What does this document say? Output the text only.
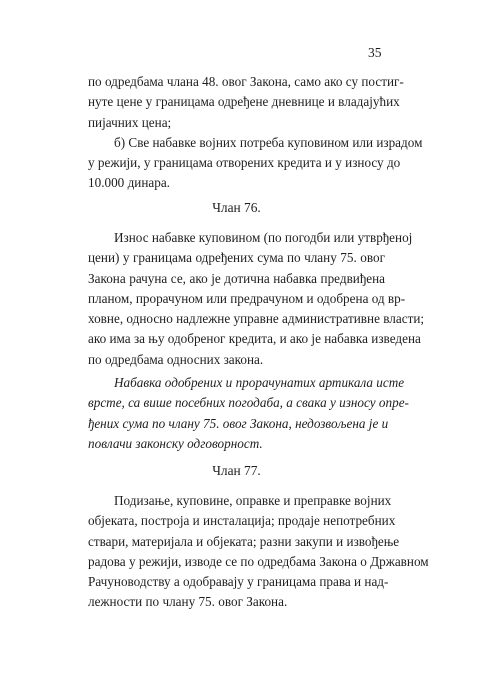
35
по одредбама члана 48. овог Закона, само ако су постиг-
нуте цене у границама одређене дневнице и владајућих
пијачних цена;
б) Све набавке војних потреба куповином или израдом
у режији, у границама отворених кредита и у износу до
10.000 динара.
Члан 76.
Износ набавке куповином (по погодби или утврђеној
цени) у границама одређених сума по члану 75. овог
Закона рачуна се, ако је дотична набавка предвиђена
планом, прорачуном или предрачуном и одобрена од вр-
ховне, односно надлежне управне административне власти;
ако има за њу одобреног кредита, и ако је набавка изведена
по одредбама односних закона.
Набавка одобрених и прорачунатих артикала исте
врсте, са више посебних погодаба, а свака у износу опре-
ђених сума по члану 75. овог Закона, недозвољена је и
повлачи законску одговорност.
Члан 77.
Подизање, куповине, оправке и преправке војних
објеката, построја и инсталација; продаје непотребних
ствари, материјала и објеката; разни закупи и извођење
радова у режији, изводе се по одредбама Закона о Државном
Рачуноводству а одобравају у границама права и над-
лежности по члану 75. овог Закона.
